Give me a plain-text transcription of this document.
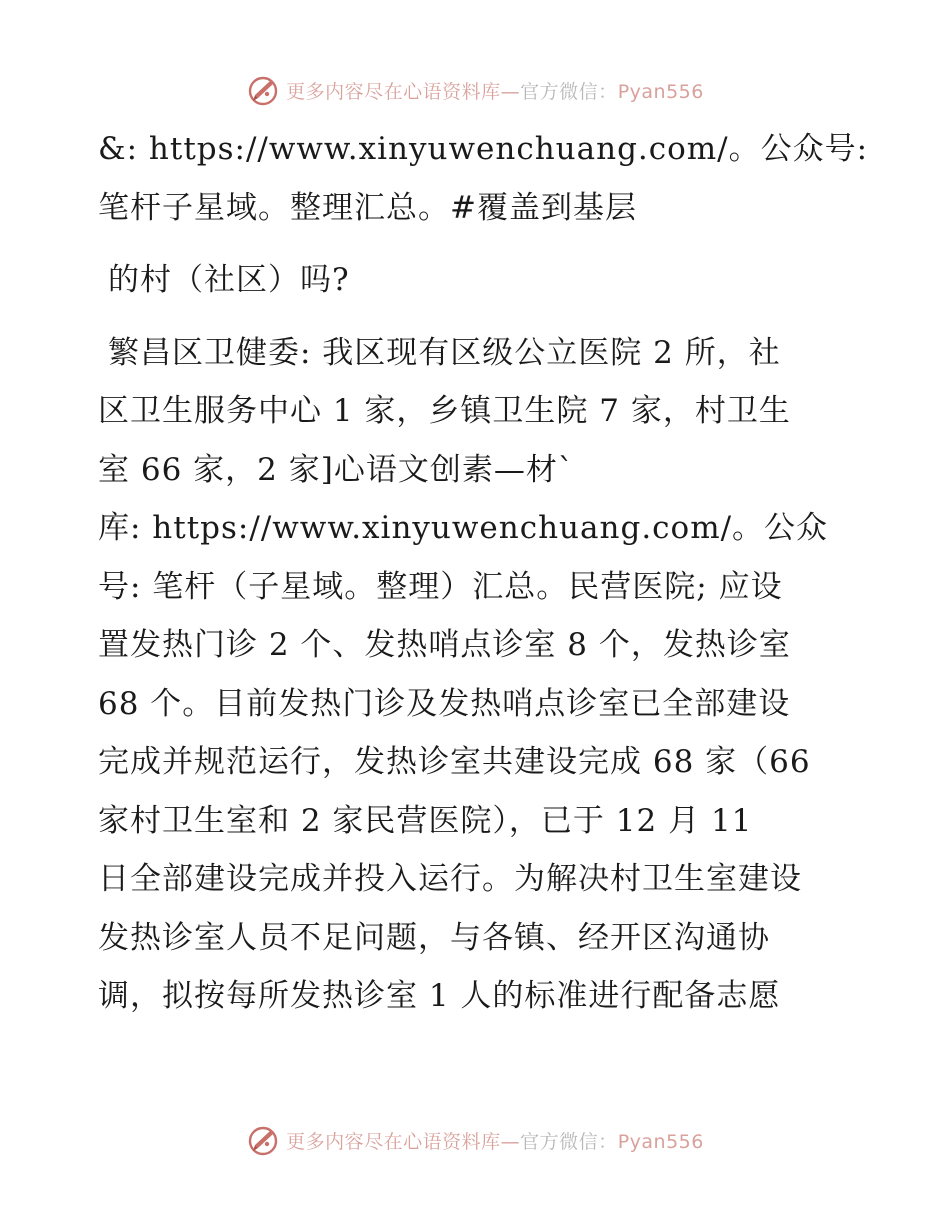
更多内容尽在心语资料库—官方微信：Pyan556
&: https://www.xinyuwenchuang.com/。公众号:
笔杆子星域。整理汇总。#覆盖到基层
的村（社区）吗?
繁昌区卫健委: 我区现有区级公立医院 2 所，社
区卫生服务中心 1 家，乡镇卫生院 7 家，村卫生
室 66 家，2 家]心语文创素—材`
库: https://www.xinyuwenchuang.com/。公众
号: 笔杆（子星域。整理）汇总。民营医院; 应设
置发热门诊 2 个、发热哨点诊室 8 个，发热诊室
68 个。目前发热门诊及发热哨点诊室已全部建设
完成并规范运行，发热诊室共建设完成 68 家（66
家村卫生室和 2 家民营医院），已于 12 月 11
日全部建设完成并投入运行。为解决村卫生室建设
发热诊室人员不足问题，与各镇、经开区沟通协
调，拟按每所发热诊室 1 人的标准进行配备志愿
更多内容尽在心语资料库—官方微信：Pyan556
